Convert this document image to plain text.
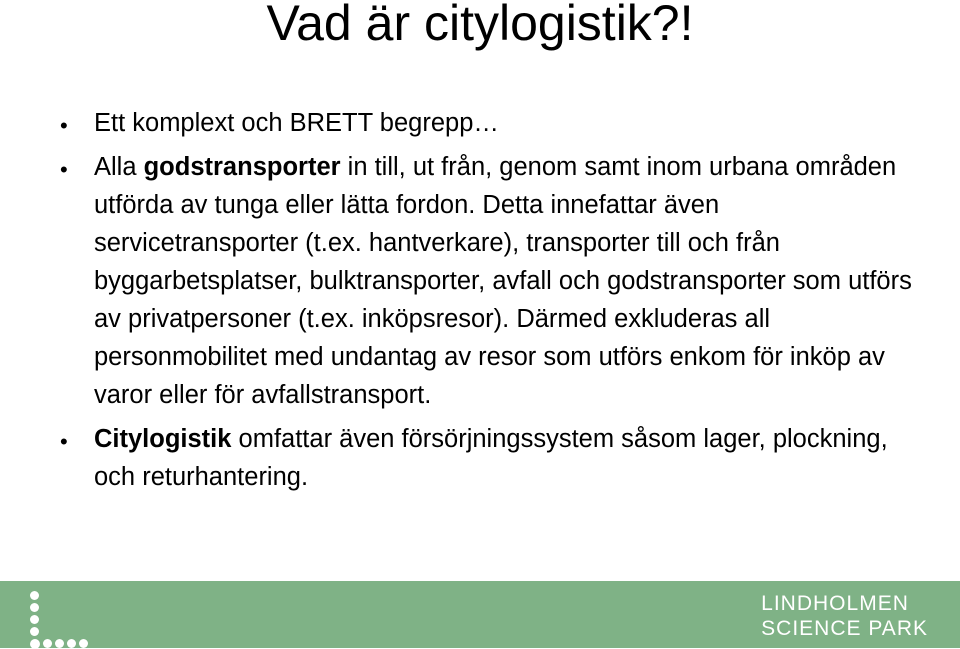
Vad är citylogistik?!
• Ett komplext och BRETT begrepp…

• Alla godstransporter in till, ut från, genom samt inom urbana områden utförda av tunga eller lätta fordon. Detta innefattar även servicetransporter (t.ex. hantverkare), transporter till och från byggarbetsplatser, bulktransporter, avfall och godstransporter som utförs av privatpersoner (t.ex. inköpsresor). Därmed exkluderas all personmobilitet med undantag av resor som utförs enkom för inköp av varor eller för avfallstransport.

• Citylogistik omfattar även försörjningssystem såsom lager, plockning, och returhantering.

LINDHOLMEN
SCIENCE PARK
